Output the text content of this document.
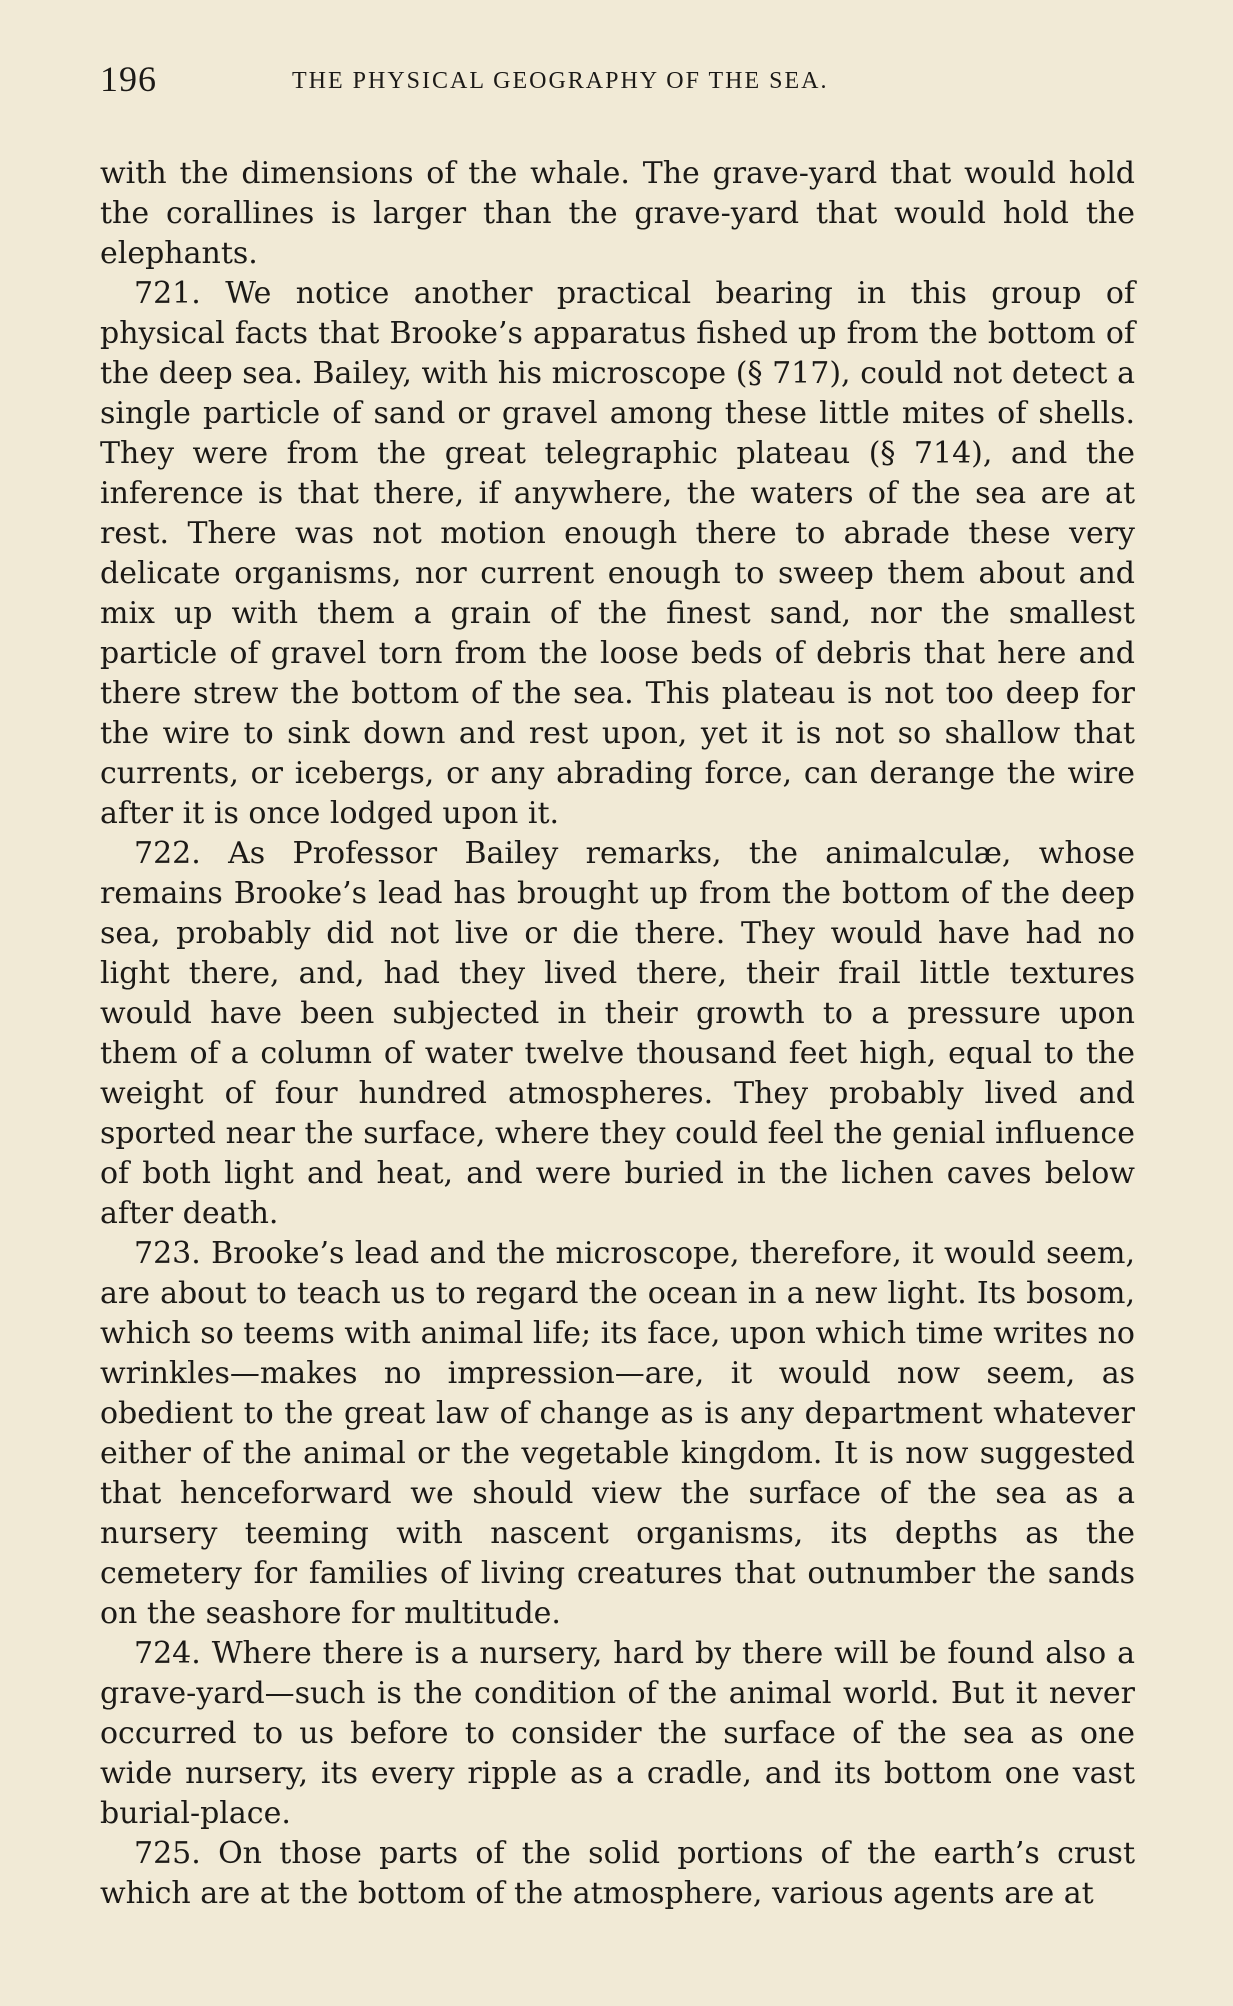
196	THE PHYSICAL GEOGRAPHY OF THE SEA.

with the dimensions of the whale. The grave-yard that would hold the corallines is larger than the grave-yard that would hold the elephants.

721. We notice another practical bearing in this group of physical facts that Brooke’s apparatus fished up from the bottom of the deep sea. Bailey, with his microscope (§ 717), could not detect a single particle of sand or gravel among these little mites of shells. They were from the great telegraphic plateau (§ 714), and the inference is that there, if anywhere, the waters of the sea are at rest. There was not motion enough there to abrade these very delicate organisms, nor current enough to sweep them about and mix up with them a grain of the finest sand, nor the smallest particle of gravel torn from the loose beds of debris that here and there strew the bottom of the sea. This plateau is not too deep for the wire to sink down and rest upon, yet it is not so shallow that currents, or icebergs, or any abrading force, can derange the wire after it is once lodged upon it.

722. As Professor Bailey remarks, the animalculæ, whose remains Brooke’s lead has brought up from the bottom of the deep sea, probably did not live or die there. They would have had no light there, and, had they lived there, their frail little textures would have been subjected in their growth to a pressure upon them of a column of water twelve thousand feet high, equal to the weight of four hundred atmospheres. They probably lived and sported near the surface, where they could feel the genial influence of both light and heat, and were buried in the lichen caves below after death.

723. Brooke’s lead and the microscope, therefore, it would seem, are about to teach us to regard the ocean in a new light. Its bosom, which so teems with animal life; its face, upon which time writes no wrinkles—makes no impression—are, it would now seem, as obedient to the great law of change as is any department whatever either of the animal or the vegetable kingdom. It is now suggested that henceforward we should view the surface of the sea as a nursery teeming with nascent organisms, its depths as the cemetery for families of living creatures that outnumber the sands on the seashore for multitude.

724. Where there is a nursery, hard by there will be found also a grave-yard—such is the condition of the animal world. But it never occurred to us before to consider the surface of the sea as one wide nursery, its every ripple as a cradle, and its bottom one vast burial-place.

725. On those parts of the solid portions of the earth’s crust which are at the bottom of the atmosphere, various agents are at
